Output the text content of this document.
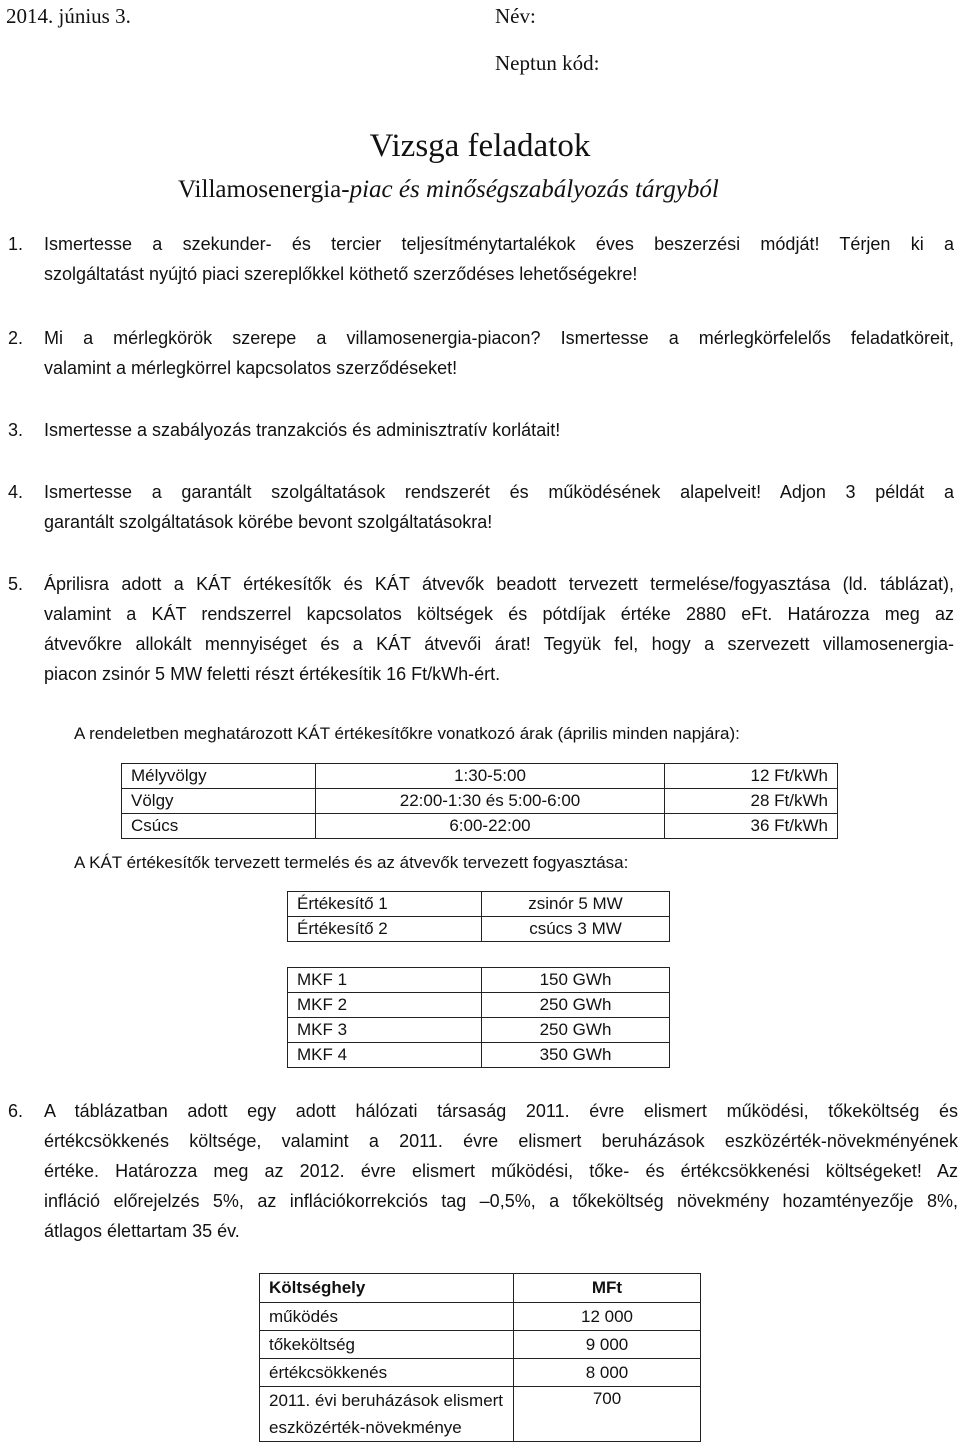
2014. június 3.	Név:
Neptun kód:
Vizsga feladatok
Villamosenergia-piac és minőségszabályozás tárgyból
1. Ismertesse a szekunder- és tercier teljesítménytartalékok éves beszerzési módját! Térjen ki a
szolgáltatást nyújtó piaci szereplőkkel köthető szerződéses lehetőségekre!
2. Mi a mérlegkörök szerepe a villamosenergia-piacon? Ismertesse a mérlegkörfelelős feladatköreit,
valamint a mérlegkörrel kapcsolatos szerződéseket!
3. Ismertesse a szabályozás tranzakciós és adminisztratív korlátait!
4. Ismertesse a garantált szolgáltatások rendszerét és működésének alapelveit! Adjon 3 példát a
garantált szolgáltatások körébe bevont szolgáltatásokra!
5. Áprilisra adott a KÁT értékesítők és KÁT átvevők beadott tervezett termelése/fogyasztása (ld. táblázat),
valamint a KÁT rendszerrel kapcsolatos költségek és pótdíjak értéke 2880 eFt. Határozza meg az
átvevőkre allokált mennyiséget és a KÁT átvevői árat! Tegyük fel, hogy a szervezett villamosenergia-
piacon zsinór 5 MW feletti részt értékesítik 16 Ft/kWh-ért.
A rendeletben meghatározott KÁT értékesítőkre vonatkozó árak (április minden napjára):
Mélyvölgy	1:30-5:00	12 Ft/kWh
Völgy	22:00-1:30 és 5:00-6:00	28 Ft/kWh
Csúcs	6:00-22:00	36 Ft/kWh
A KÁT értékesítők tervezett termelés és az átvevők tervezett fogyasztása:
Értékesítő 1	zsinór 5 MW
Értékesítő 2	csúcs 3 MW
MKF 1	150 GWh
MKF 2	250 GWh
MKF 3	250 GWh
MKF 4	350 GWh
6. A táblázatban adott egy adott hálózati társaság 2011. évre elismert működési, tőkeköltség és
értékcsökkenés költsége, valamint a 2011. évre elismert beruházások eszközérték-növekményének
értéke. Határozza meg az 2012. évre elismert működési, tőke- és értékcsökkenési költségeket! Az
infláció előrejelzés 5%, az inflációkorrekciós tag –0,5%, a tőkeköltség növekmény hozamtényezője 8%,
átlagos élettartam 35 év.
Költséghely	MFt
működés	12 000
tőkeköltség	9 000
értékcsökkenés	8 000
2011. évi beruházások elismert eszközérték-növekménye	700
